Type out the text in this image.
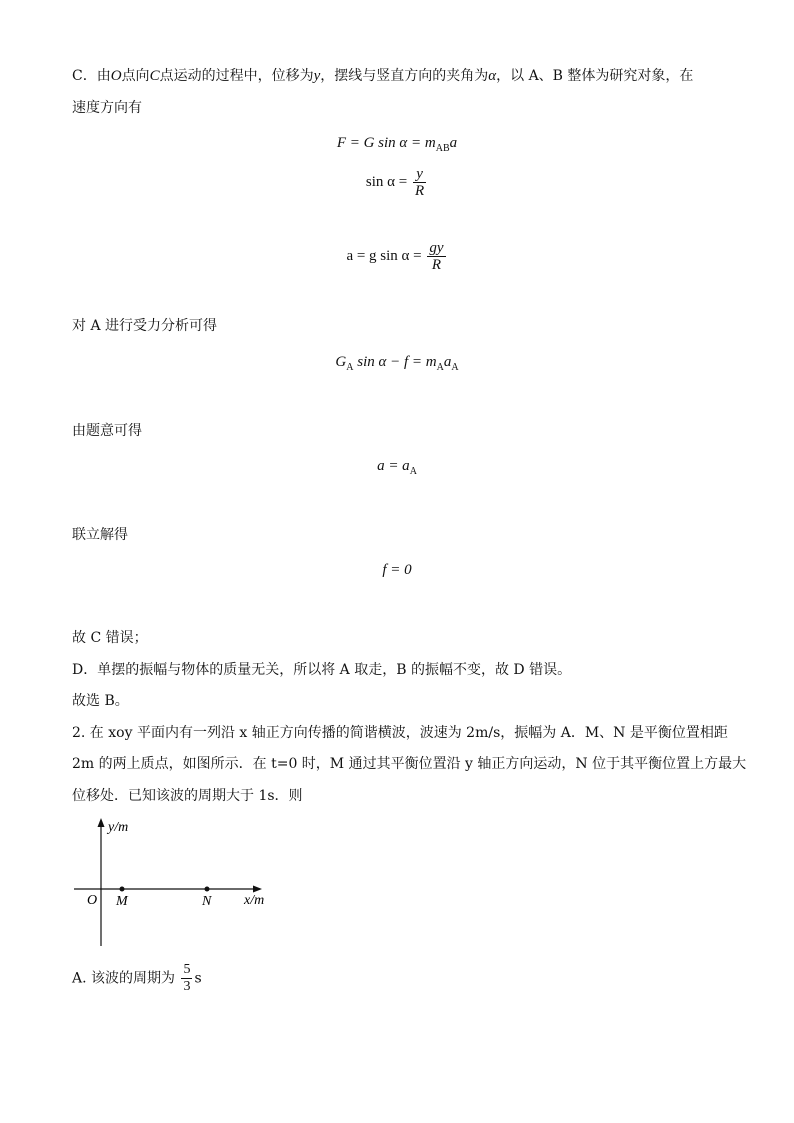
C．由O点向C点运动的过程中，位移为y，摆线与竖直方向的夹角为α，以 A、B 整体为研究对象，在
速度方向有
F = G $\sin \alpha = m_{AB}a$
$\sin \alpha = \frac{y}{R}$
a = g $\sin \alpha = \frac{gy}{R}$
对 A 进行受力分析可得
$G_A$ $\sin \alpha - f = m_Aa_A$
由题意可得
$a = a_A$
联立解得
f = 0
故 C 错误；
D．单摆的振幅与物体的质量无关，所以将 A 取走，B 的振幅不变，故 D 错误。
故选 B。
2. 在 xoy 平面内有一列沿 x 轴正方向传播的简谐横波，波速为 2m/s，振幅为 A．M、N 是平衡位置相距
2m 的两上质点，如图所示．在 t=0 时，M 通过其平衡位置沿 y 轴正方向运动，N 位于其平衡位置上方最大
位移处．已知该波的周期大于 1s．则
y/m
x/m
O M	N
A. 该波的周期为 $\frac{5}{3}$ s
